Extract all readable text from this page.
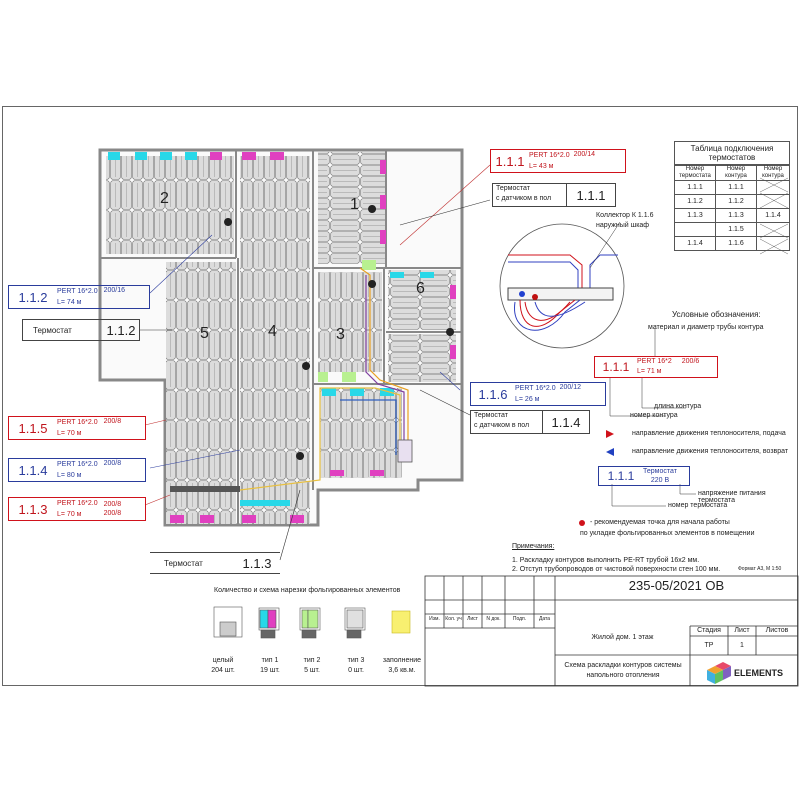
2	1
5	4	3
6
1.1.1 PERT 16*2.0
L= 43 м
200/14
1.1.2	PERT 16*2.0
L= 74 м
200/16
1.1.5	PERT 16*2.0
L= 70 м
200/8
1.1.4	PERT 16*2.0
L= 80 м
200/8
1.1.3	PERT 16*2.0
L= 70 м
200/8
200/8
1.1.6	PERT 16*2.0
L= 26 м
200/12
Термостат
с датчиком в пол	1.1.1
Термостат	1.1.2
Термостат
с датчиком в пол	1.1.4
Термостат	1.1.3
Коллектор К 1.1.6
наружный шкаф
Таблица подключения термостатов
Номер термостата	Номер контура	Номер контура
1.1.1	1.1.1	
1.1.2	1.1.2	
1.1.3	1.1.3	1.1.4
	1.1.5	
1.1.4	1.1.6	
Условные обозначения:
материал и диаметр трубы контура
1.1.1	PERT 16*2
L= 71 м
200/6
длина контура
номер контура
направление движения теплоносителя, подача
направление движения теплоносителя, возврат
1.1.1	Термостат
220 В
напряжение питания термостата
номер термостата
- рекомендуемая точка для начала работы
по укладке фольгированных элементов в помещении
Примечания:
1. Раскладку контуров выполнить PE-RT трубой 16х2 мм.
2. Отступ трубопроводов от чистовой поверхности стен 100 мм.	Формат А3, М 1:50
Количество и схема нарезки фольгированных элементов
целый
204 шт.
тип 1
19 шт.
тип 2
5 шт.
тип 3
0 шт.
заполнение
3,6 кв.м.
235-05/2021 ОВ
Изм.	Кол. уч	Лист	N док.	Подп.	Дата
Жилой дом. 1 этаж
Стадия	Лист	Листов
ТР	1
Схема раскладки контуров системы напольного отопления	ELEMENTS
